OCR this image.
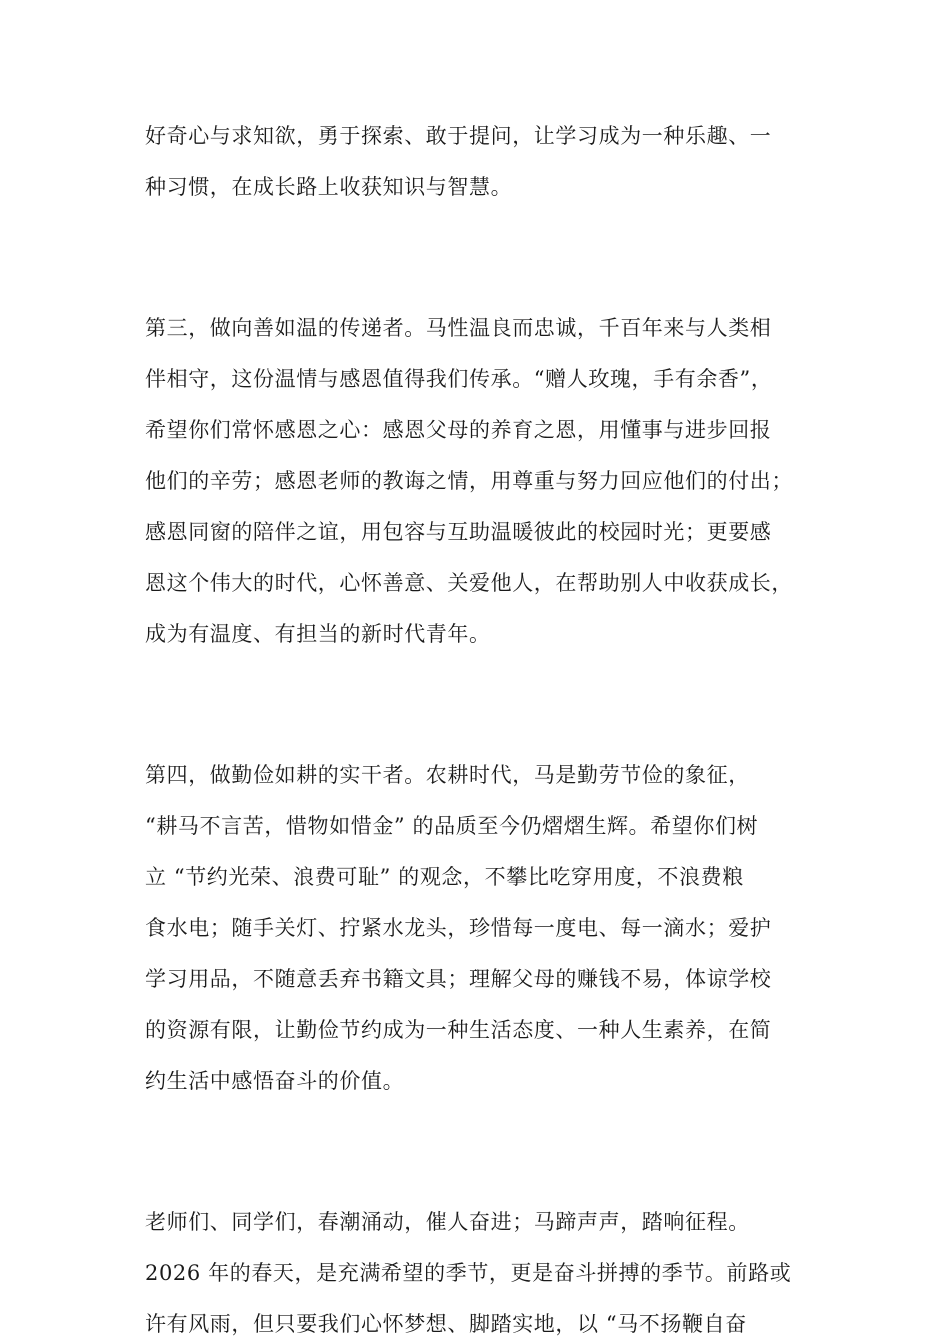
好奇心与求知欲，勇于探索、敢于提问，让学习成为一种乐趣、一
种习惯，在成长路上收获知识与智慧。
第三，做向善如温的传递者。马性温良而忠诚，千百年来与人类相
伴相守，这份温情与感恩值得我们传承。“赠人玫瑰，手有余香”，
希望你们常怀感恩之心：感恩父母的养育之恩，用懂事与进步回报
他们的辛劳；感恩老师的教诲之情，用尊重与努力回应他们的付出；
感恩同窗的陪伴之谊，用包容与互助温暖彼此的校园时光；更要感
恩这个伟大的时代，心怀善意、关爱他人，在帮助别人中收获成长，
成为有温度、有担当的新时代青年。
第四，做勤俭如耕的实干者。农耕时代，马是勤劳节俭的象征，
“耕马不言苦，惜物如惜金” 的品质至今仍熠熠生辉。希望你们树
立 “节约光荣、浪费可耻” 的观念，不攀比吃穿用度，不浪费粮
食水电；随手关灯、拧紧水龙头，珍惜每一度电、每一滴水；爱护
学习用品，不随意丢弃书籍文具；理解父母的赚钱不易，体谅学校
的资源有限，让勤俭节约成为一种生活态度、一种人生素养，在简
约生活中感悟奋斗的价值。
老师们、同学们，春潮涌动，催人奋进；马蹄声声，踏响征程。
2026 年的春天，是充满希望的季节，更是奋斗拼搏的季节。前路或
许有风雨，但只要我们心怀梦想、脚踏实地，以 “马不扬鞭自奋
